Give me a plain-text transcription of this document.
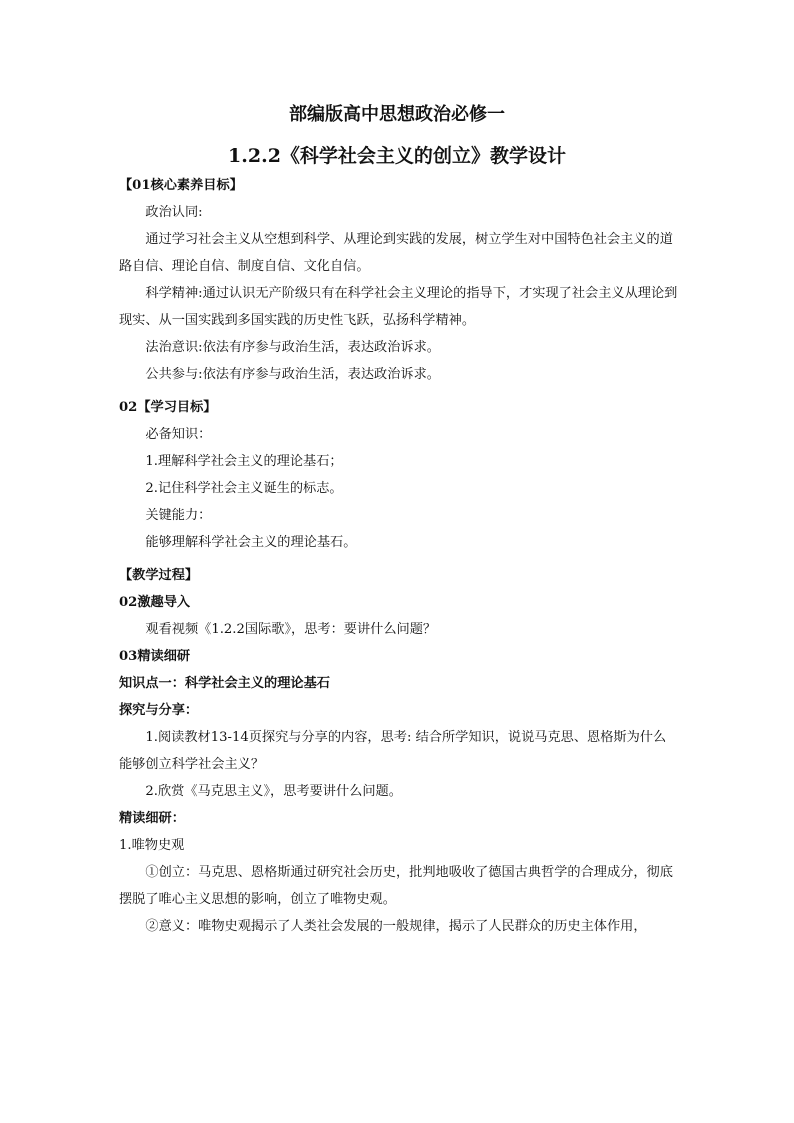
部编版高中思想政治必修一
1.2.2《科学社会主义的创立》教学设计
【01核心素养目标】

政治认同:

通过学习社会主义从空想到科学、从理论到实践的发展，树立学生对中国特色社会主义的道路自信、理论自信、制度自信、文化自信。

科学精神:通过认识无产阶级只有在科学社会主义理论的指导下，才实现了社会主义从理论到现实、从一国实践到多国实践的历史性飞跃，弘扬科学精神。

法治意识:依法有序参与政治生活，表达政治诉求。

公共参与:依法有序参与政治生活，表达政治诉求。

02【学习目标】

必备知识：

1.理解科学社会主义的理论基石；

2.记住科学社会主义诞生的标志。

关键能力：

能够理解科学社会主义的理论基石。

【教学过程】
02激趣导入

观看视频《1.2.2国际歌》，思考：要讲什么问题？

03精读细研
知识点一：科学社会主义的理论基石
探究与分享：

1.阅读教材13-14页探究与分享的内容，思考: 结合所学知识，说说马克思、恩格斯为什么能够创立科学社会主义？

2.欣赏《马克思主义》，思考要讲什么问题。

精读细研：

1.唯物史观

①创立：马克思、恩格斯通过研究社会历史，批判地吸收了德国古典哲学的合理成分，彻底摆脱了唯心主义思想的影响，创立了唯物史观。

②意义：唯物史观揭示了人类社会发展的一般规律，揭示了人民群众的历史主体作用，
